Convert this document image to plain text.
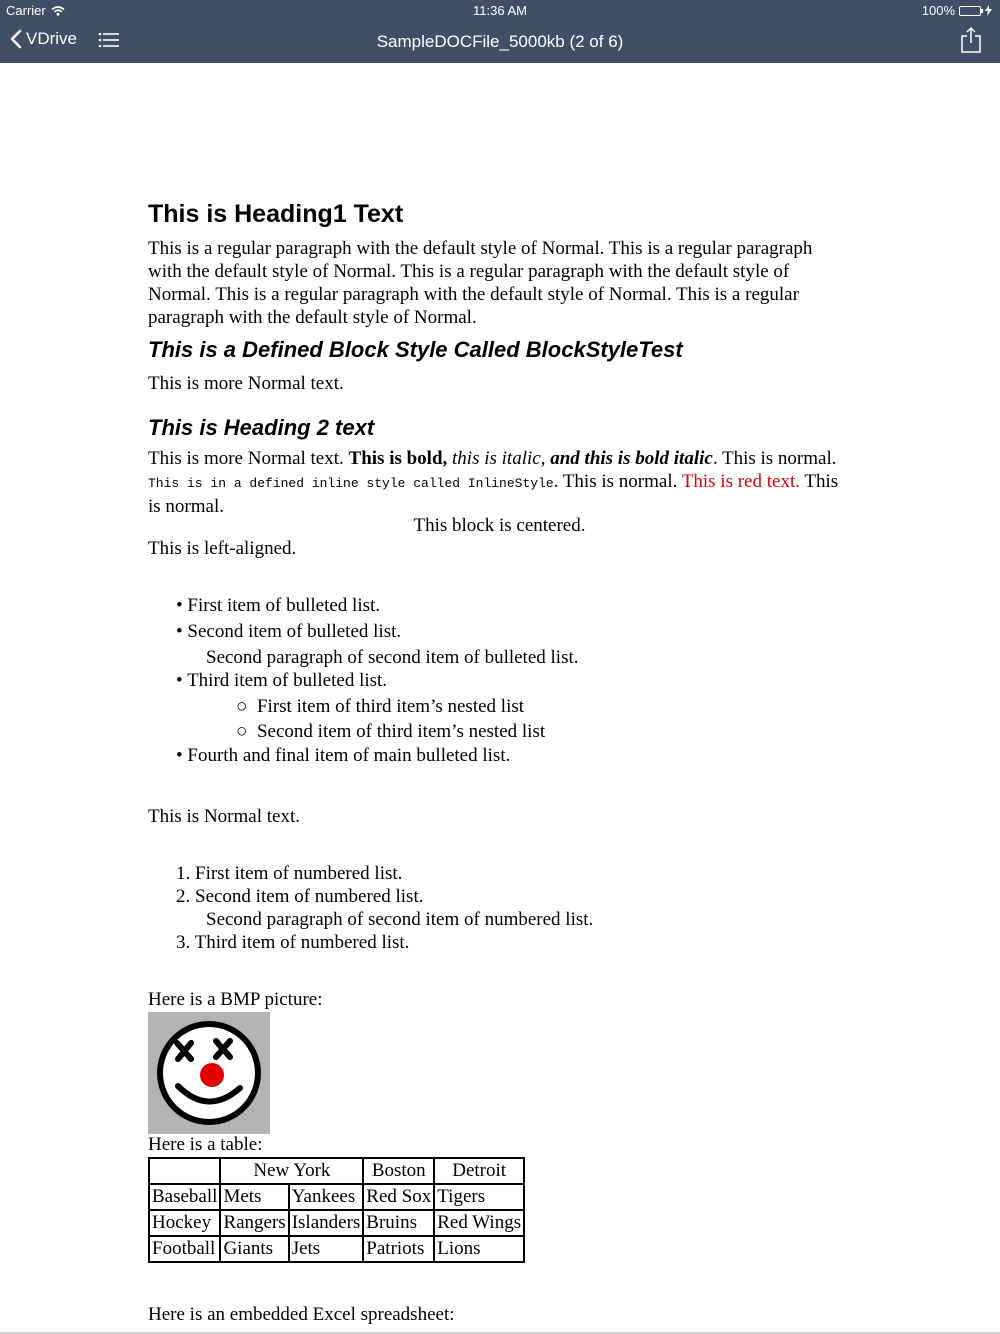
Carrier	11:36 AM	100%
VDrive	SampleDOCFile_5000kb (2 of 6)
This is Heading1 Text
This is a regular paragraph with the default style of Normal. This is a regular paragraph with the default style of Normal. This is a regular paragraph with the default style of Normal. This is a regular paragraph with the default style of Normal. This is a regular paragraph with the default style of Normal.
This is a Defined Block Style Called BlockStyleTest
This is more Normal text.
This is Heading 2 text
This is more Normal text. This is bold, this is italic, and this is bold italic. This is normal. This is in a defined inline style called InlineStyle. This is normal. This is red text. This is normal.
This block is centered.
This is left-aligned.
• First item of bulleted list.
• Second item of bulleted list.
Second paragraph of second item of bulleted list.
• Third item of bulleted list.
○  First item of third item’s nested list
○  Second item of third item’s nested list
• Fourth and final item of main bulleted list.
This is Normal text.
1. First item of numbered list.
2. Second item of numbered list.
Second paragraph of second item of numbered list.
3. Third item of numbered list.
Here is a BMP picture:
Here is a table:
	New York		Boston	Detroit
Baseball	Mets	Yankees	Red Sox	Tigers
Hockey	Rangers	Islanders	Bruins	Red Wings
Football	Giants	Jets	Patriots	Lions
Here is an embedded Excel spreadsheet:
